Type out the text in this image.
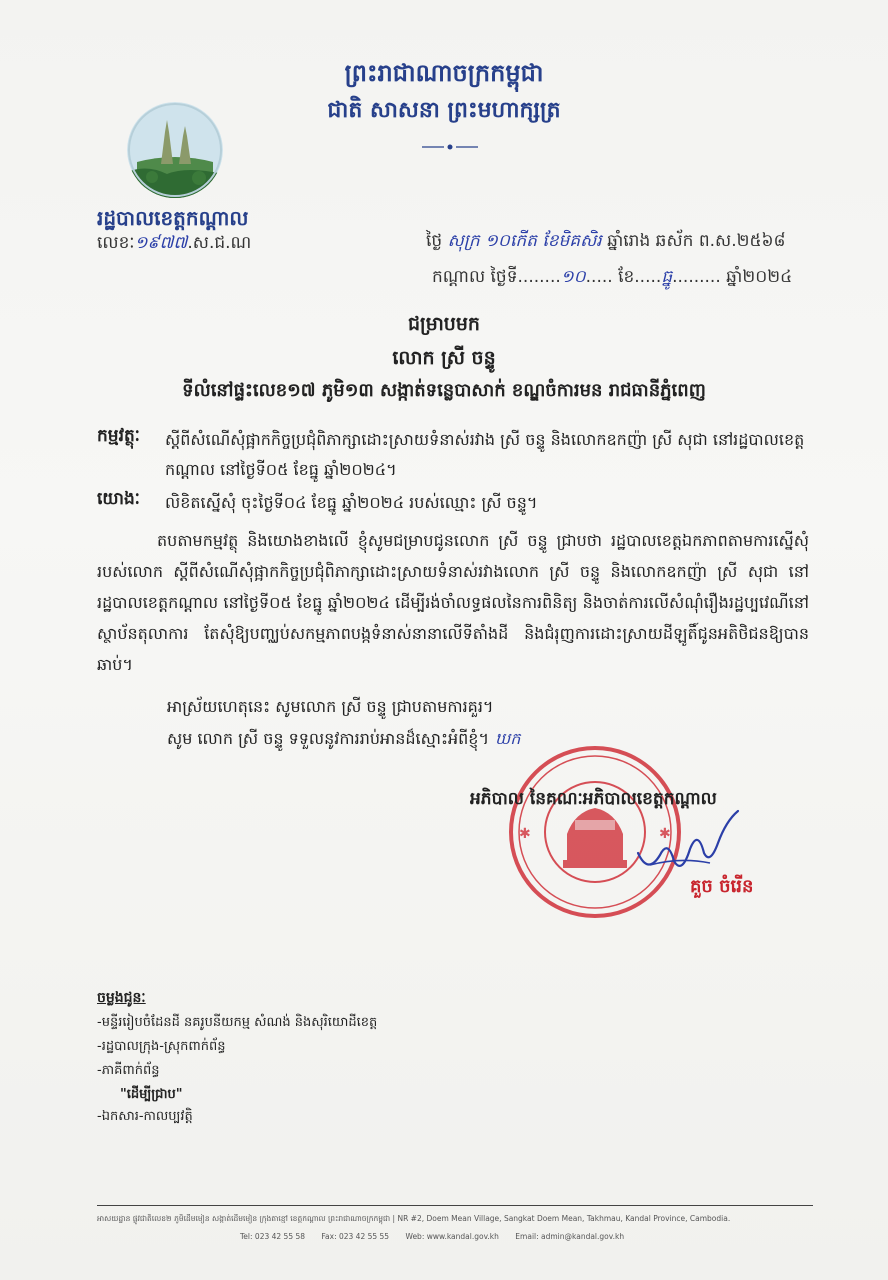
ព្រះរាជាណាចក្រកម្ពុជា
ជាតិ សាសនា ព្រះមហាក្សត្រ
រដ្ឋបាលខេត្តកណ្ដាល
លេខៈ១៩៧៧.ស.ជ.ណ	ថ្ងៃ សុក្រ ១០កើត ខែមិគសិរ ឆ្នាំរោង ឆស័ក ព.ស.២៥៦៨
កណ្ដាល ថ្ងៃទី........១០..... ខែ.....ធ្នូ......... ឆ្នាំ២០២៤
ជម្រាបមក
លោក ស្រី ចន្ទូ
ទីលំនៅផ្ទះលេខ១៧ ភូមិ១៣ សង្កាត់ទន្លេបាសាក់ ខណ្ឌចំការមន រាជធានីភ្នំពេញ
កម្មវត្ថុៈ ស្ដីពីសំណើសុំផ្អាកកិច្ចប្រជុំពិភាក្សាដោះស្រាយទំនាស់រវាង ស្រី ចន្ទូ និងលោកឧកញ៉ា ស្រី សុជា នៅរដ្ឋបាលខេត្តកណ្ដាល នៅថ្ងៃទី០៥ ខែធ្នូ ឆ្នាំ២០២៤។
យោងៈ លិខិតស្នើសុំ ចុះថ្ងៃទី០៤ ខែធ្នូ ឆ្នាំ២០២៤ របស់ឈ្មោះ ស្រី ចន្ទូ។
តបតាមកម្មវត្ថុ និងយោងខាងលើ ខ្ញុំសូមជម្រាបជូនលោក ស្រី ចន្ទូ ជ្រាបថា រដ្ឋបាលខេត្តឯកភាពតាមការស្នើសុំរបស់លោក ស្ដីពីសំណើសុំផ្អាកកិច្ចប្រជុំពិភាក្សាដោះស្រាយទំនាស់រវាងលោក ស្រី ចន្ទូ និងលោកឧកញ៉ា ស្រី សុជា នៅរដ្ឋបាលខេត្តកណ្ដាល នៅថ្ងៃទី០៥ ខែធ្នូ ឆ្នាំ២០២៤ ដើម្បីរង់ចាំលទ្ធផលនៃការពិនិត្យ និងចាត់ការលើសំណុំរឿងរដ្ឋប្បវេណីនៅស្ថាប័នតុលាការ តែសុំឱ្យបញ្ឈប់សកម្មភាពបង្កទំនាស់នានាលើទីតាំងដី និងជំរុញការដោះស្រាយដីឡូតិ៍ជូនអតិថិជនឱ្យបានឆាប់។
អាស្រ័យហេតុនេះ សូមលោក ស្រី ចន្ទូ ជ្រាបតាមការគួរ។
សូម លោក ស្រី ចន្ទូ ទទួលនូវការរាប់អានដ៏ស្មោះអំពីខ្ញុំ។ ឃក
✱	✱
អភិបាល នៃគណៈអភិបាលខេត្តកណ្ដាល
គួច ចំរើន
ចម្លងជូនៈ
-មន្ទីររៀបចំដែនដី នគរូបនីយកម្ម សំណង់ និងសុរិយោដីខេត្ត
-រដ្ឋបាលក្រុង-ស្រុកពាក់ព័ន្ធ
-ភាគីពាក់ព័ន្ធ
"ដើម្បីជ្រាប"
-ឯកសារ-កាលប្បវត្តិ
អាសយដ្ឋាន ផ្លូវជាតិលេខ២ ភូមិដើមមៀន សង្កាត់ដើមមៀន ក្រុងតាខ្មៅ ខេត្តកណ្ដាល ព្រះរាជាណាចក្រកម្ពុជា | NR #2, Doem Mean Village, Sangkat Doem Mean, Takhmau, Kandal Province, Cambodia.
Tel: 023 42 55 58 Fax: 023 42 55 55 Web: www.kandal.gov.kh Email: admin@kandal.gov.kh
